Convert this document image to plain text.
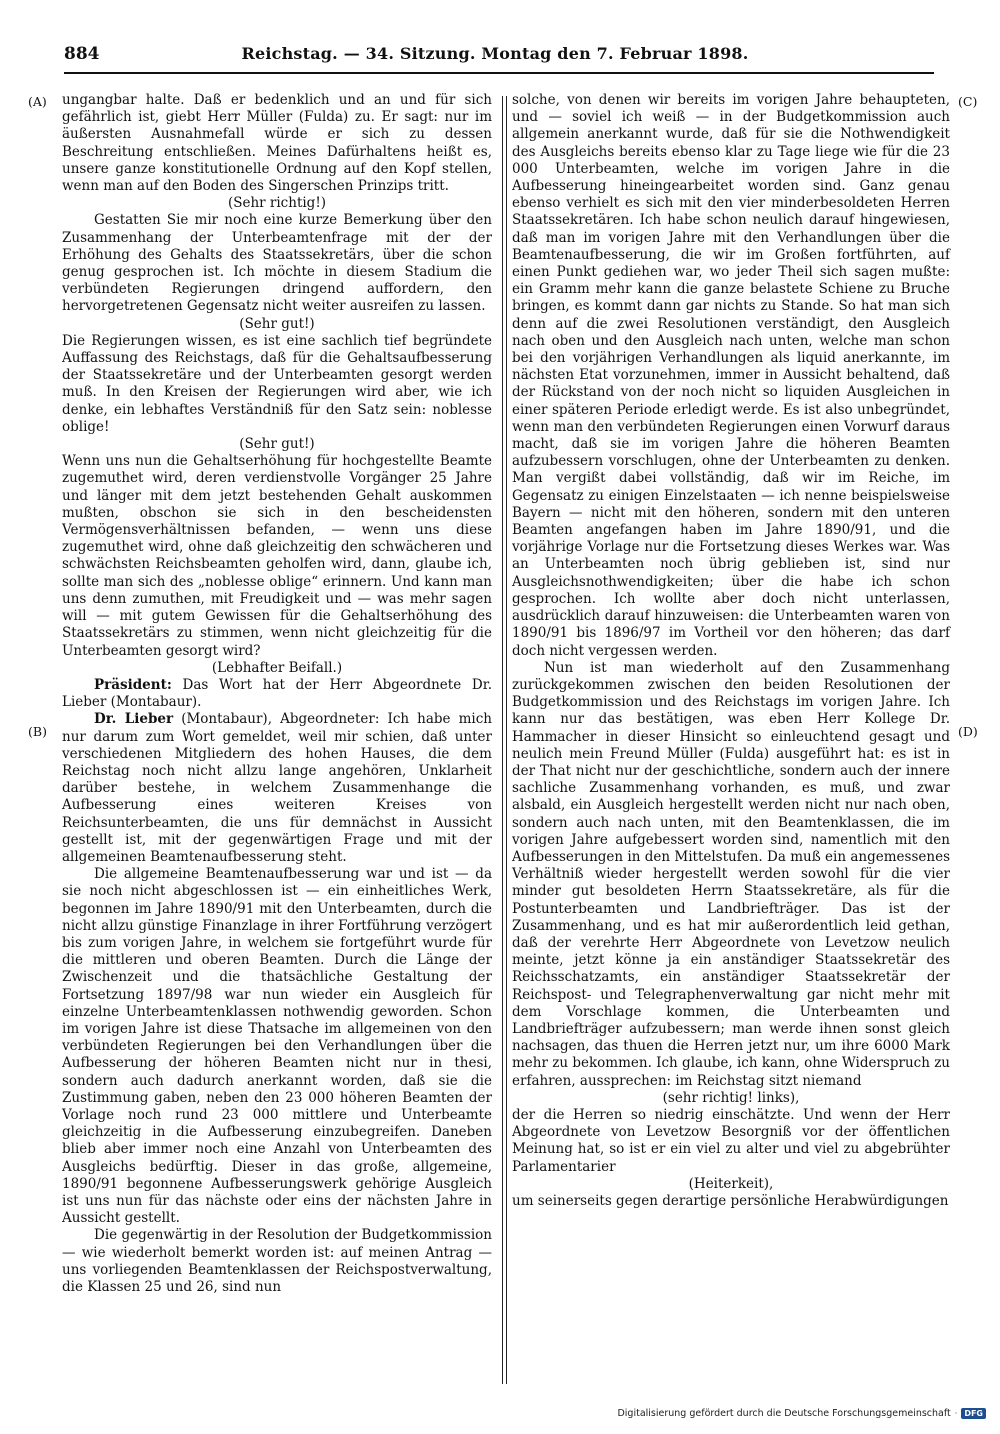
884	Reichstag. — 34. Sitzung. Montag den 7. Februar 1898.
(A)
(B)
(C)
(D)

ungangbar halte. Daß er bedenklich und an und für sich gefährlich ist, giebt Herr Müller (Fulda) zu. Er sagt: nur im äußersten Ausnahmefall würde er sich zu dessen Beschreitung entschließen. Meines Dafürhaltens heißt es, unsere ganze konstitutionelle Ordnung auf den Kopf stellen, wenn man auf den Boden des Singerschen Prinzips tritt.

(Sehr richtig!)

Gestatten Sie mir noch eine kurze Bemerkung über den Zusammenhang der Unterbeamtenfrage mit der der Erhöhung des Gehalts des Staatssekretärs, über die schon genug gesprochen ist. Ich möchte in diesem Stadium die verbündeten Regierungen dringend auffordern, den hervorgetretenen Gegensatz nicht weiter ausreifen zu lassen.

(Sehr gut!)

Die Regierungen wissen, es ist eine sachlich tief begründete Auffassung des Reichstags, daß für die Gehaltsaufbesserung der Staatssekretäre und der Unterbeamten gesorgt werden muß. In den Kreisen der Regierungen wird aber, wie ich denke, ein lebhaftes Verständniß für den Satz sein: noblesse oblige!

(Sehr gut!)

Wenn uns nun die Gehaltserhöhung für hochgestellte Beamte zugemuthet wird, deren verdienstvolle Vorgänger 25 Jahre und länger mit dem jetzt bestehenden Gehalt auskommen mußten, obschon sie sich in den bescheidensten Vermögensverhältnissen befanden, — wenn uns diese zugemuthet wird, ohne daß gleichzeitig den schwächeren und schwächsten Reichsbeamten geholfen wird, dann, glaube ich, sollte man sich des „noblesse oblige“ erinnern. Und kann man uns denn zumuthen, mit Freudigkeit und — was mehr sagen will — mit gutem Gewissen für die Gehaltserhöhung des Staatssekretärs zu stimmen, wenn nicht gleichzeitig für die Unterbeamten gesorgt wird?

(Lebhafter Beifall.)

Präsident: Das Wort hat der Herr Abgeordnete Dr. Lieber (Montabaur).

Dr. Lieber (Montabaur), Abgeordneter: Ich habe mich nur darum zum Wort gemeldet, weil mir schien, daß unter verschiedenen Mitgliedern des hohen Hauses, die dem Reichstag noch nicht allzu lange angehören, Unklarheit darüber bestehe, in welchem Zusammenhange die Aufbesserung eines weiteren Kreises von Reichsunterbeamten, die uns für demnächst in Aussicht gestellt ist, mit der gegenwärtigen Frage und mit der allgemeinen Beamtenaufbesserung steht.

Die allgemeine Beamtenaufbesserung war und ist — da sie noch nicht abgeschlossen ist — ein einheitliches Werk, begonnen im Jahre 1890/91 mit den Unterbeamten, durch die nicht allzu günstige Finanzlage in ihrer Fortführung verzögert bis zum vorigen Jahre, in welchem sie fortgeführt wurde für die mittleren und oberen Beamten. Durch die Länge der Zwischenzeit und die thatsächliche Gestaltung der Fortsetzung 1897/98 war nun wieder ein Ausgleich für einzelne Unterbeamtenklassen nothwendig geworden. Schon im vorigen Jahre ist diese Thatsache im allgemeinen von den verbündeten Regierungen bei den Verhandlungen über die Aufbesserung der höheren Beamten nicht nur in thesi, sondern auch dadurch anerkannt worden, daß sie die Zustimmung gaben, neben den 23 000 höheren Beamten der Vorlage noch rund 23 000 mittlere und Unterbeamte gleichzeitig in die Aufbesserung einzubegreifen. Daneben blieb aber immer noch eine Anzahl von Unterbeamten des Ausgleichs bedürftig. Dieser in das große, allgemeine, 1890/91 begonnene Aufbesserungswerk gehörige Ausgleich ist uns nun für das nächste oder eins der nächsten Jahre in Aussicht gestellt.

Die gegenwärtig in der Resolution der Budgetkommission — wie wiederholt bemerkt worden ist: auf meinen Antrag — uns vorliegenden Beamtenklassen der Reichspostverwaltung, die Klassen 25 und 26, sind nun

solche, von denen wir bereits im vorigen Jahre behaupteten, und — soviel ich weiß — in der Budgetkommission auch allgemein anerkannt wurde, daß für sie die Nothwendigkeit des Ausgleichs bereits ebenso klar zu Tage liege wie für die 23 000 Unterbeamten, welche im vorigen Jahre in die Aufbesserung hineingearbeitet worden sind. Ganz genau ebenso verhielt es sich mit den vier minderbesoldeten Herren Staatssekretären. Ich habe schon neulich darauf hingewiesen, daß man im vorigen Jahre mit den Verhandlungen über die Beamtenaufbesserung, die wir im Großen fortführten, auf einen Punkt gediehen war, wo jeder Theil sich sagen mußte: ein Gramm mehr kann die ganze belastete Schiene zu Bruche bringen, es kommt dann gar nichts zu Stande. So hat man sich denn auf die zwei Resolutionen verständigt, den Ausgleich nach oben und den Ausgleich nach unten, welche man schon bei den vorjährigen Verhandlungen als liquid anerkannte, im nächsten Etat vorzunehmen, immer in Aussicht behaltend, daß der Rückstand von der noch nicht so liquiden Ausgleichen in einer späteren Periode erledigt werde. Es ist also unbegründet, wenn man den verbündeten Regierungen einen Vorwurf daraus macht, daß sie im vorigen Jahre die höheren Beamten aufzubessern vorschlugen, ohne der Unterbeamten zu denken. Man vergißt dabei vollständig, daß wir im Reiche, im Gegensatz zu einigen Einzelstaaten — ich nenne beispielsweise Bayern — nicht mit den höheren, sondern mit den unteren Beamten angefangen haben im Jahre 1890/91, und die vorjährige Vorlage nur die Fortsetzung dieses Werkes war. Was an Unterbeamten noch übrig geblieben ist, sind nur Ausgleichsnothwendigkeiten; über die habe ich schon gesprochen. Ich wollte aber doch nicht unterlassen, ausdrücklich darauf hinzuweisen: die Unterbeamten waren von 1890/91 bis 1896/97 im Vortheil vor den höheren; das darf doch nicht vergessen werden.

Nun ist man wiederholt auf den Zusammenhang zurückgekommen zwischen den beiden Resolutionen der Budgetkommission und des Reichstags im vorigen Jahre. Ich kann nur das bestätigen, was eben Herr Kollege Dr. Hammacher in dieser Hinsicht so einleuchtend gesagt und neulich mein Freund Müller (Fulda) ausgeführt hat: es ist in der That nicht nur der geschichtliche, sondern auch der innere sachliche Zusammenhang vorhanden, es muß, und zwar alsbald, ein Ausgleich hergestellt werden nicht nur nach oben, sondern auch nach unten, mit den Beamtenklassen, die im vorigen Jahre aufgebessert worden sind, namentlich mit den Aufbesserungen in den Mittelstufen. Da muß ein angemessenes Verhältniß wieder hergestellt werden sowohl für die vier minder gut besoldeten Herrn Staatssekretäre, als für die Postunterbeamten und Landbriefträger. Das ist der Zusammenhang, und es hat mir außerordentlich leid gethan, daß der verehrte Herr Abgeordnete von Levetzow neulich meinte, jetzt könne ja ein anständiger Staatssekretär des Reichsschatzamts, ein anständiger Staatssekretär der Reichspost- und Telegraphenverwaltung gar nicht mehr mit dem Vorschlage kommen, die Unterbeamten und Landbriefträger aufzubessern; man werde ihnen sonst gleich nachsagen, das thuen die Herren jetzt nur, um ihre 6000 Mark mehr zu bekommen. Ich glaube, ich kann, ohne Widerspruch zu erfahren, aussprechen: im Reichstag sitzt niemand

(sehr richtig! links),

der die Herren so niedrig einschätzte. Und wenn der Herr Abgeordnete von Levetzow Besorgniß vor der öffentlichen Meinung hat, so ist er ein viel zu alter und viel zu abgebrühter Parlamentarier

(Heiterkeit),

um seinerseits gegen derartige persönliche Herabwürdigungen

Digitalisierung gefördert durch die Deutsche Forschungsgemeinschaft · DFG
